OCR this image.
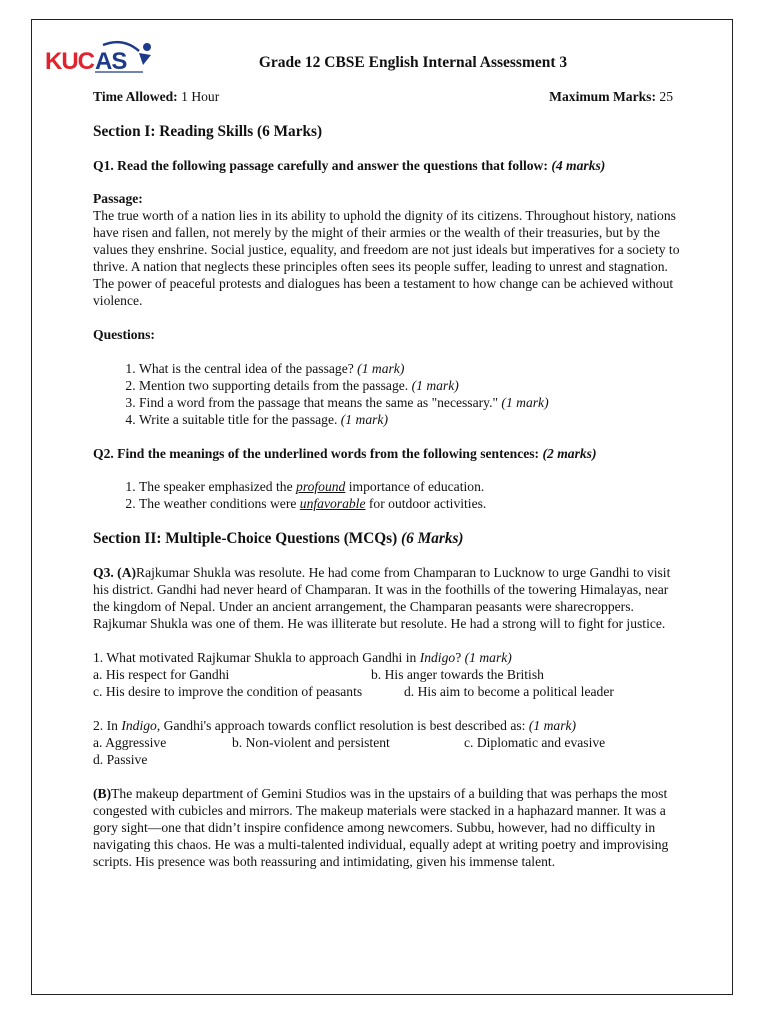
KUC AS	Grade 12 CBSE English Internal Assessment 3
Time Allowed: 1 Hour	Maximum Marks: 25
Section I: Reading Skills (6 Marks)

Q1. Read the following passage carefully and answer the questions that follow: (4 marks)

Passage:

The true worth of a nation lies in its ability to uphold the dignity of its citizens. Throughout history, nations have risen and fallen, not merely by the might of their armies or the wealth of their treasuries, but by the values they enshrine. Social justice, equality, and freedom are not just ideals but imperatives for a society to thrive. A nation that neglects these principles often sees its people suffer, leading to unrest and stagnation. The power of peaceful protests and dialogues has been a testament to how change can be achieved without violence.

Questions:

1. What is the central idea of the passage? (1 mark)
2. Mention two supporting details from the passage. (1 mark)
3. Find a word from the passage that means the same as "necessary." (1 mark)
4. Write a suitable title for the passage. (1 mark)

Q2. Find the meanings of the underlined words from the following sentences: (2 marks)

1. The speaker emphasized the profound importance of education.
2. The weather conditions were unfavorable for outdoor activities.
Section II: Multiple-Choice Questions (MCQs) (6 Marks)

Q3. (A)Rajkumar Shukla was resolute. He had come from Champaran to Lucknow to urge Gandhi to visit his district. Gandhi had never heard of Champaran. It was in the foothills of the towering Himalayas, near the kingdom of Nepal. Under an ancient arrangement, the Champaran peasants were sharecroppers. Rajkumar Shukla was one of them. He was illiterate but resolute. He had a strong will to fight for justice.

1. What motivated Rajkumar Shukla to approach Gandhi in Indigo? (1 mark)

a. His respect for Gandhi	b. His anger towards the British
c. His desire to improve the condition of peasants	d. His aim to become a political leader

2. In Indigo, Gandhi's approach towards conflict resolution is best described as: (1 mark)

a. Aggressive	b. Non-violent and persistent	c. Diplomatic and evasive

d. Passive

(B)The makeup department of Gemini Studios was in the upstairs of a building that was perhaps the most congested with cubicles and mirrors. The makeup materials were stacked in a haphazard manner. It was a gory sight—one that didn’t inspire confidence among newcomers. Subbu, however, had no difficulty in navigating this chaos. He was a multi-talented individual, equally adept at writing poetry and improvising scripts. His presence was both reassuring and intimidating, given his immense talent.
